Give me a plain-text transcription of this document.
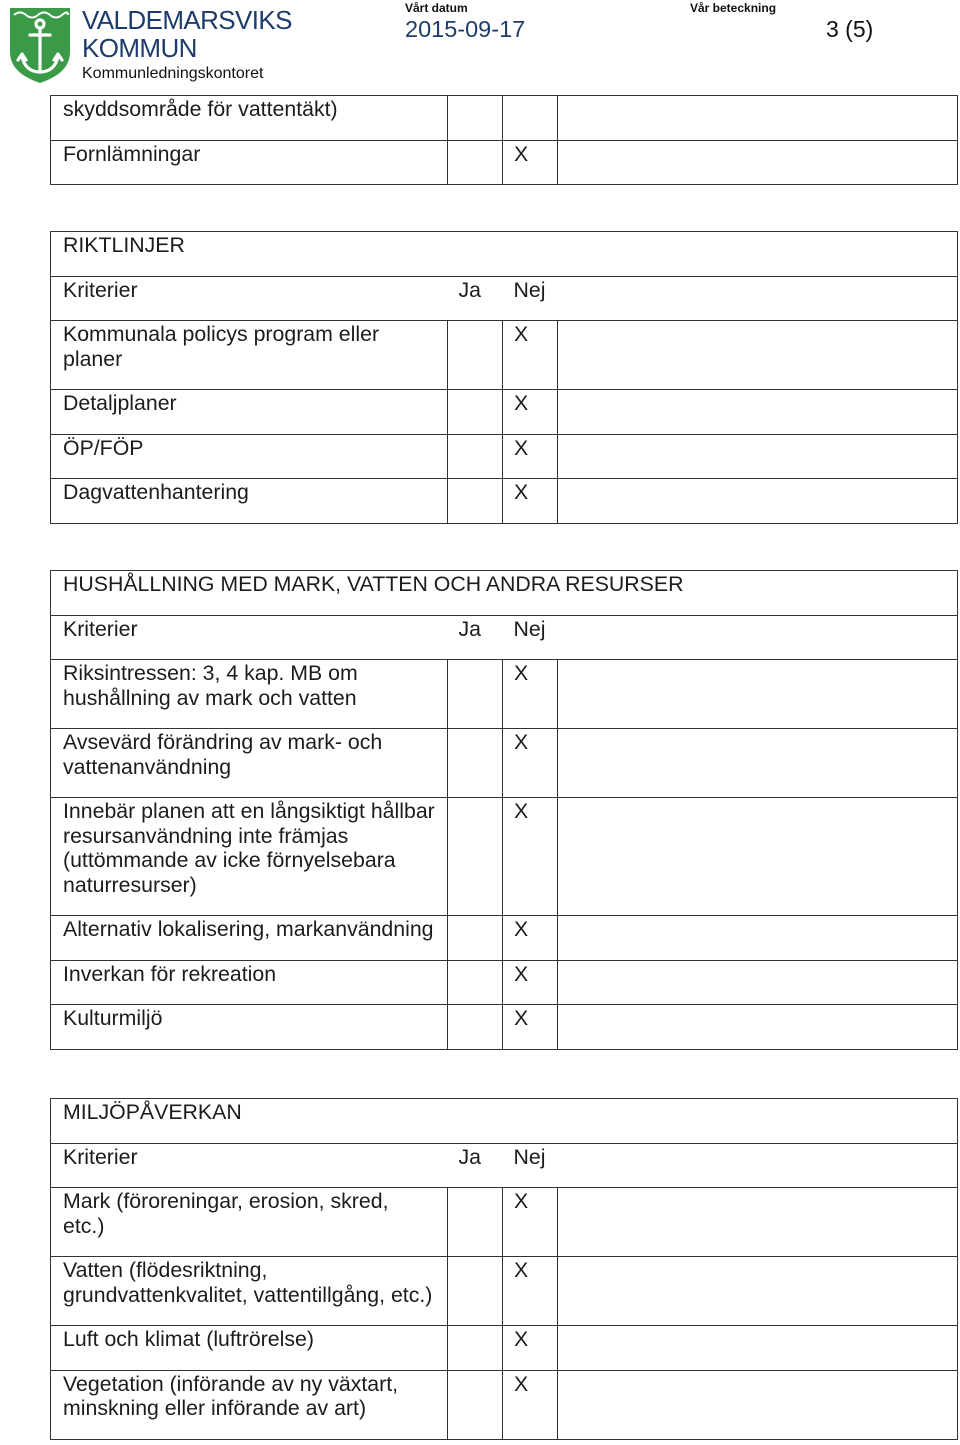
VALDEMARSVIKS
KOMMUN
Kommunledningskontoret
Vårt datum
2015-09-17
Vår beteckning
3 (5)
skyddsområde för vattentäkt)			
Fornlämningar		X	
RIKTLINJER			
Kriterier	Ja	Nej	
Kommunala policys program eller
planer		X	
Detaljplaner		X	
ÖP/FÖP		X	
Dagvattenhantering		X	
HUSHÅLLNING MED MARK, VATTEN OCH ANDRA RESURSER			
Kriterier	Ja	Nej	
Riksintressen: 3, 4 kap. MB om
hushållning av mark och vatten		X	
Avsevärd förändring av mark- och
vattenanvändning		X	
Innebär planen att en långsiktigt hållbar
resursanvändning inte främjas
(uttömmande av icke förnyelsebara
naturresurser)		X	
Alternativ lokalisering, markanvändning		X	
Inverkan för rekreation		X	
Kulturmiljö		X	
MILJÖPÅVERKAN			
Kriterier	Ja	Nej	
Mark (föroreningar, erosion, skred,
etc.)		X	
Vatten (flödesriktning,
grundvattenkvalitet, vattentillgång, etc.)		X	
Luft och klimat (luftrörelse)		X	
Vegetation (införande av ny växtart,
minskning eller införande av art)		X	
